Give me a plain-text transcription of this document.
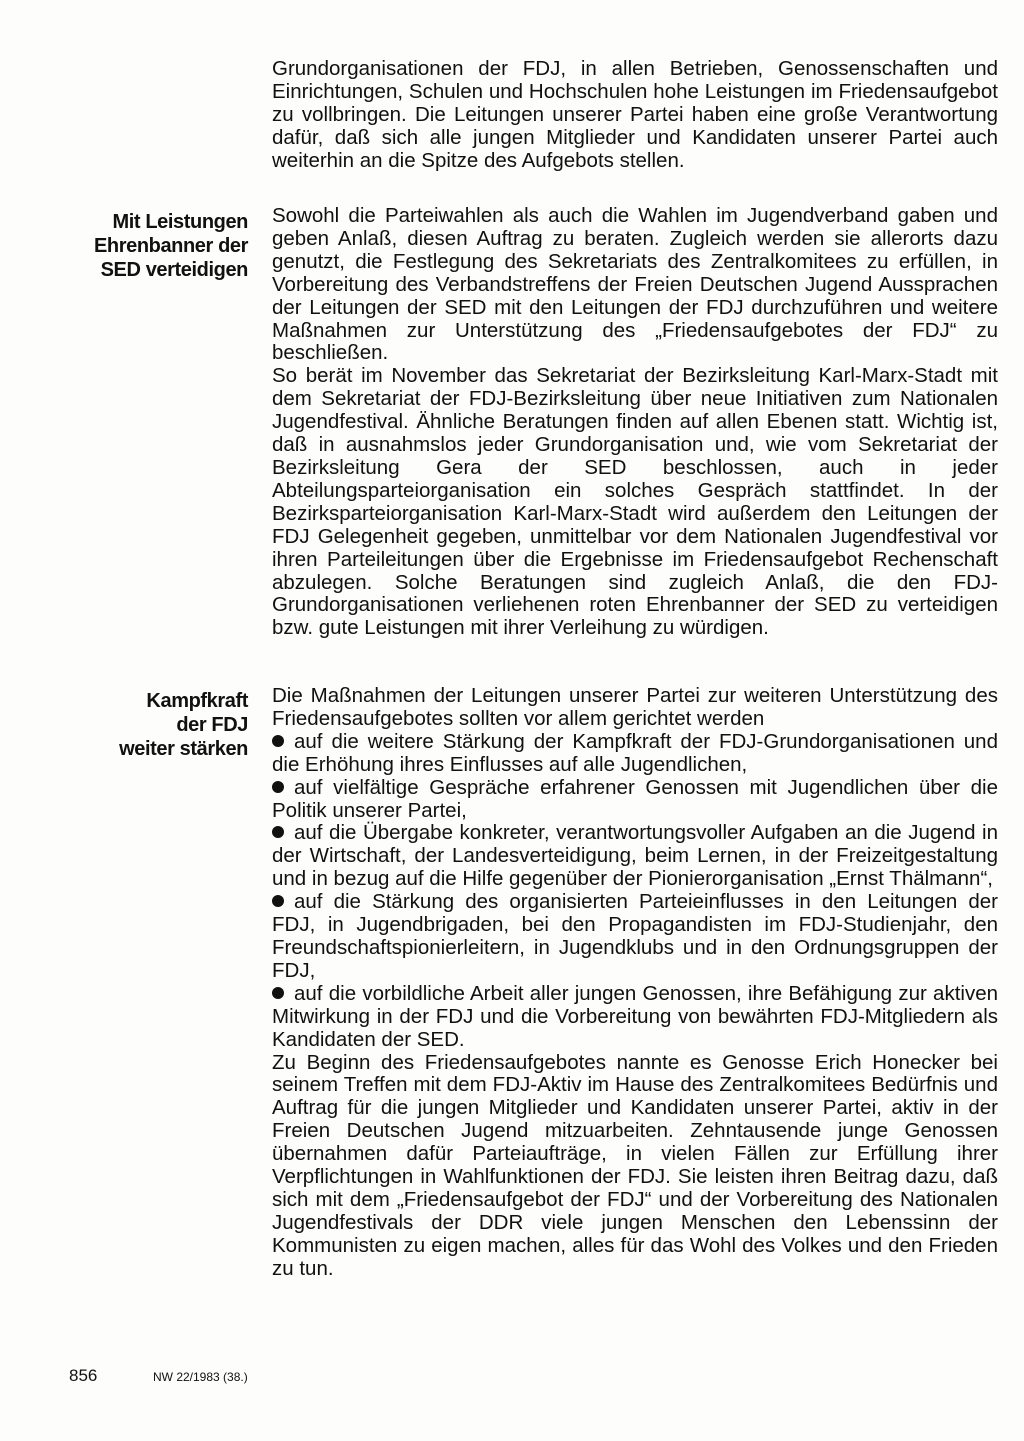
Grundorganisationen der FDJ, in allen Betrieben, Genossenschaften und Einrichtungen, Schulen und Hochschulen hohe Leistungen im Friedensaufgebot zu vollbringen. Die Leitungen unserer Partei haben eine große Verantwortung dafür, daß sich alle jungen Mitglieder und Kandidaten unserer Partei auch weiterhin an die Spitze des Aufgebots stellen.

Mit Leistungen
Ehrenbanner der
SED verteidigen

Sowohl die Parteiwahlen als auch die Wahlen im Jugendverband gaben und geben Anlaß, diesen Auftrag zu beraten. Zugleich werden sie allerorts dazu genutzt, die Festlegung des Sekretariats des Zentralkomitees zu erfüllen, in Vorbereitung des Verbandstreffens der Freien Deutschen Jugend Aussprachen der Leitungen der SED mit den Leitungen der FDJ durchzuführen und weitere Maßnahmen zur Unterstützung des „Friedensaufgebotes der FDJ“ zu beschließen.

So berät im November das Sekretariat der Bezirksleitung Karl-Marx-Stadt mit dem Sekretariat der FDJ-Bezirksleitung über neue Initiativen zum Nationalen Jugendfestival. Ähnliche Beratungen finden auf allen Ebenen statt. Wichtig ist, daß in ausnahmslos jeder Grundorganisation und, wie vom Sekretariat der Bezirksleitung Gera der SED beschlossen, auch in jeder Abteilungsparteiorganisation ein solches Gespräch stattfindet. In der Bezirksparteiorganisation Karl-Marx-Stadt wird außerdem den Leitungen der FDJ Gelegenheit gegeben, unmittelbar vor dem Nationalen Jugendfestival vor ihren Parteileitungen über die Ergebnisse im Friedensaufgebot Rechenschaft abzulegen. Solche Beratungen sind zugleich Anlaß, die den FDJ-Grundorganisationen verliehenen roten Ehrenbanner der SED zu verteidigen bzw. gute Leistungen mit ihrer Verleihung zu würdigen.

Kampfkraft
der FDJ
weiter stärken

Die Maßnahmen der Leitungen unserer Partei zur weiteren Unterstützung des Friedensaufgebotes sollten vor allem gerichtet werden

auf die weitere Stärkung der Kampfkraft der FDJ-Grundorganisationen und die Erhöhung ihres Einflusses auf alle Jugendlichen,

auf vielfältige Gespräche erfahrener Genossen mit Jugendlichen über die Politik unserer Partei,

auf die Übergabe konkreter, verantwortungsvoller Aufgaben an die Jugend in der Wirtschaft, der Landesverteidigung, beim Lernen, in der Freizeitgestaltung und in bezug auf die Hilfe gegenüber der Pionierorganisation „Ernst Thälmann“,

auf die Stärkung des organisierten Parteieinflusses in den Leitungen der FDJ, in Jugendbrigaden, bei den Propagandisten im FDJ-Studienjahr, den Freundschaftspionierleitern, in Jugendklubs und in den Ordnungsgruppen der FDJ,

auf die vorbildliche Arbeit aller jungen Genossen, ihre Befähigung zur aktiven Mitwirkung in der FDJ und die Vorbereitung von bewährten FDJ-Mitgliedern als Kandidaten der SED.

Zu Beginn des Friedensaufgebotes nannte es Genosse Erich Honecker bei seinem Treffen mit dem FDJ-Aktiv im Hause des Zentralkomitees Bedürfnis und Auftrag für die jungen Mitglieder und Kandidaten unserer Partei, aktiv in der Freien Deutschen Jugend mitzuarbeiten. Zehntausende junge Genossen übernahmen dafür Parteiaufträge, in vielen Fällen zur Erfüllung ihrer Verpflichtungen in Wahlfunktionen der FDJ. Sie leisten ihren Beitrag dazu, daß sich mit dem „Friedensaufgebot der FDJ“ und der Vorbereitung des Nationalen Jugendfestivals der DDR viele jungen Menschen den Lebenssinn der Kommunisten zu eigen machen, alles für das Wohl des Volkes und den Frieden zu tun.

856	NW 22/1983 (38.)
